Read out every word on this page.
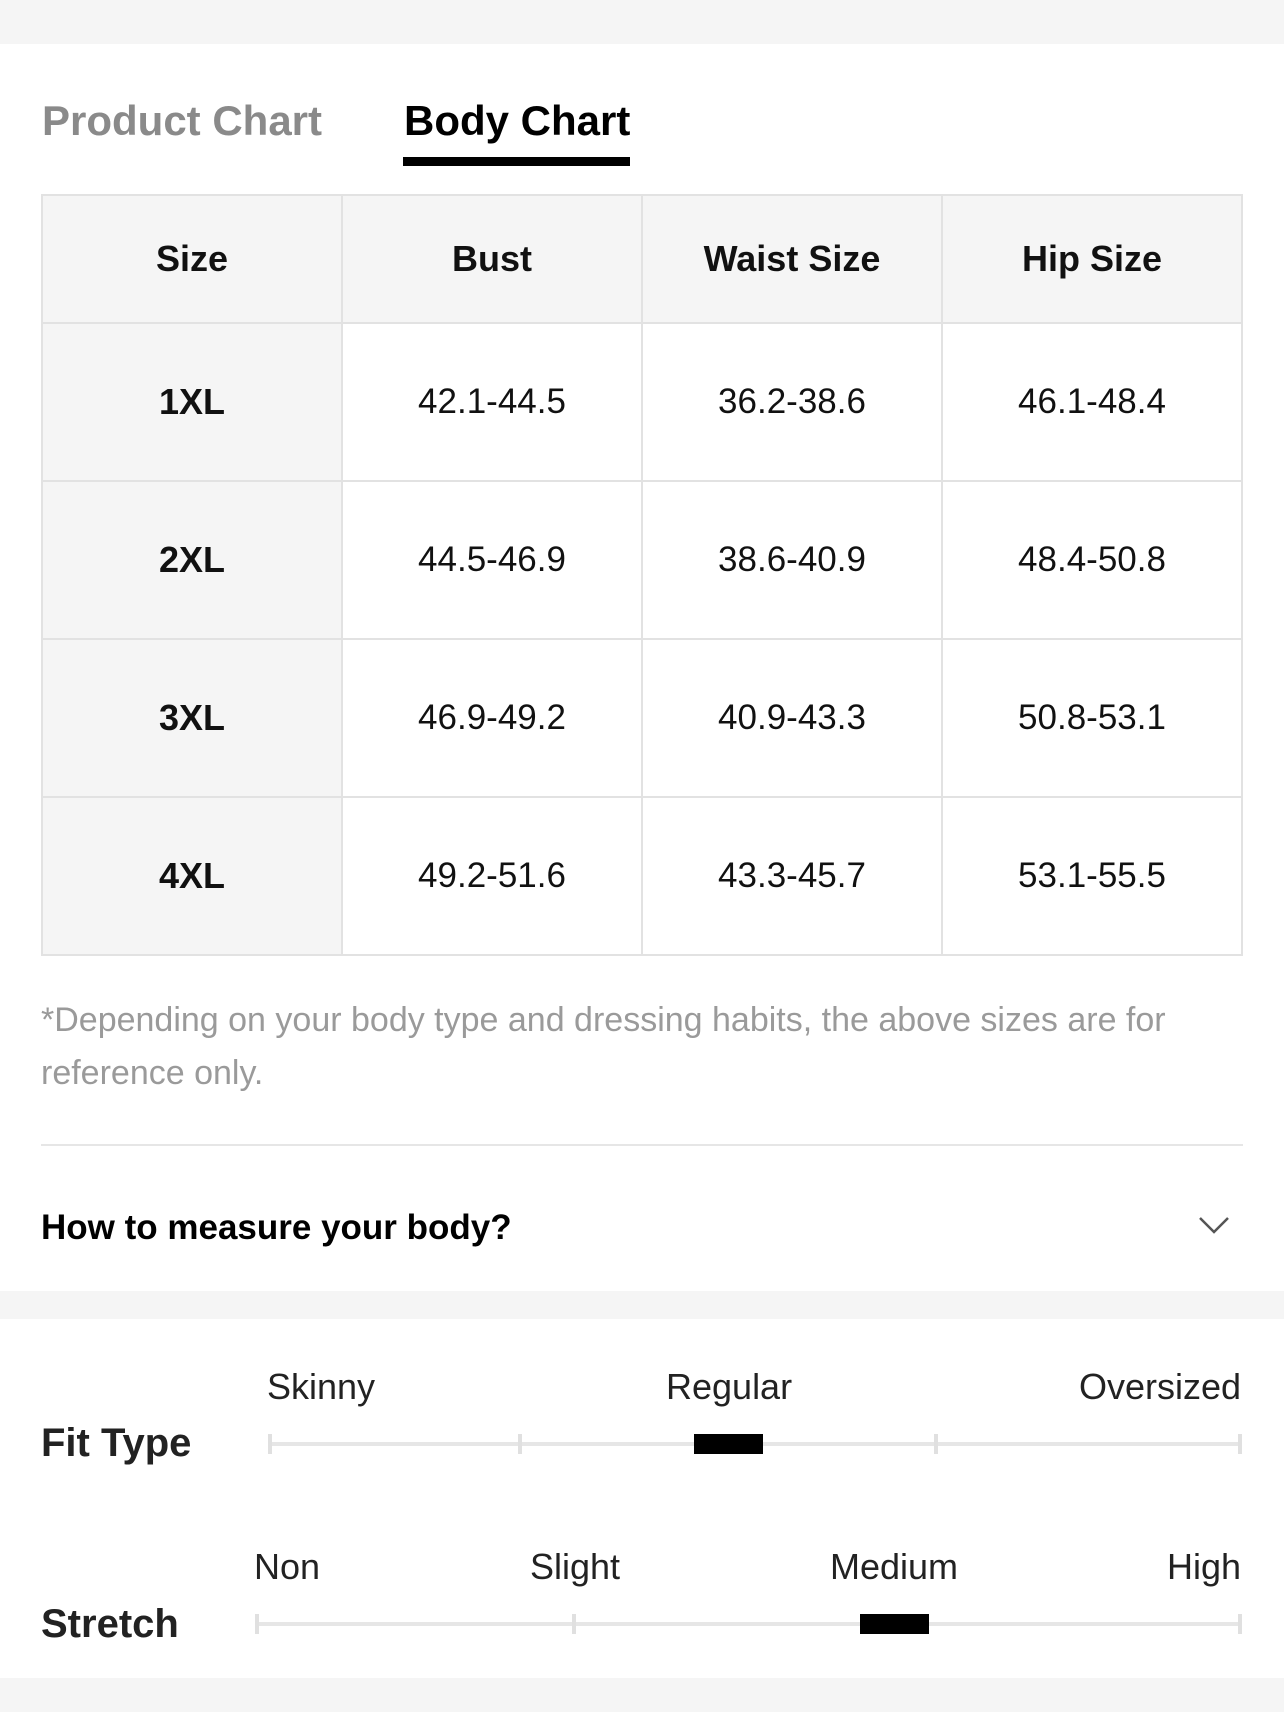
Product Chart Body Chart
Size	Bust	Waist Size	Hip Size
1XL	42.1-44.5	36.2-38.6	46.1-48.4
2XL	44.5-46.9	38.6-40.9	48.4-50.8
3XL	46.9-49.2	40.9-43.3	50.8-53.1
4XL	49.2-51.6	43.3-45.7	53.1-55.5
*Depending on your body type and dressing habits, the above sizes are for reference only.
How to measure your body?
Fit Type
Skinny	Regular	Oversized
Stretch
Non	Slight	Medium	High
